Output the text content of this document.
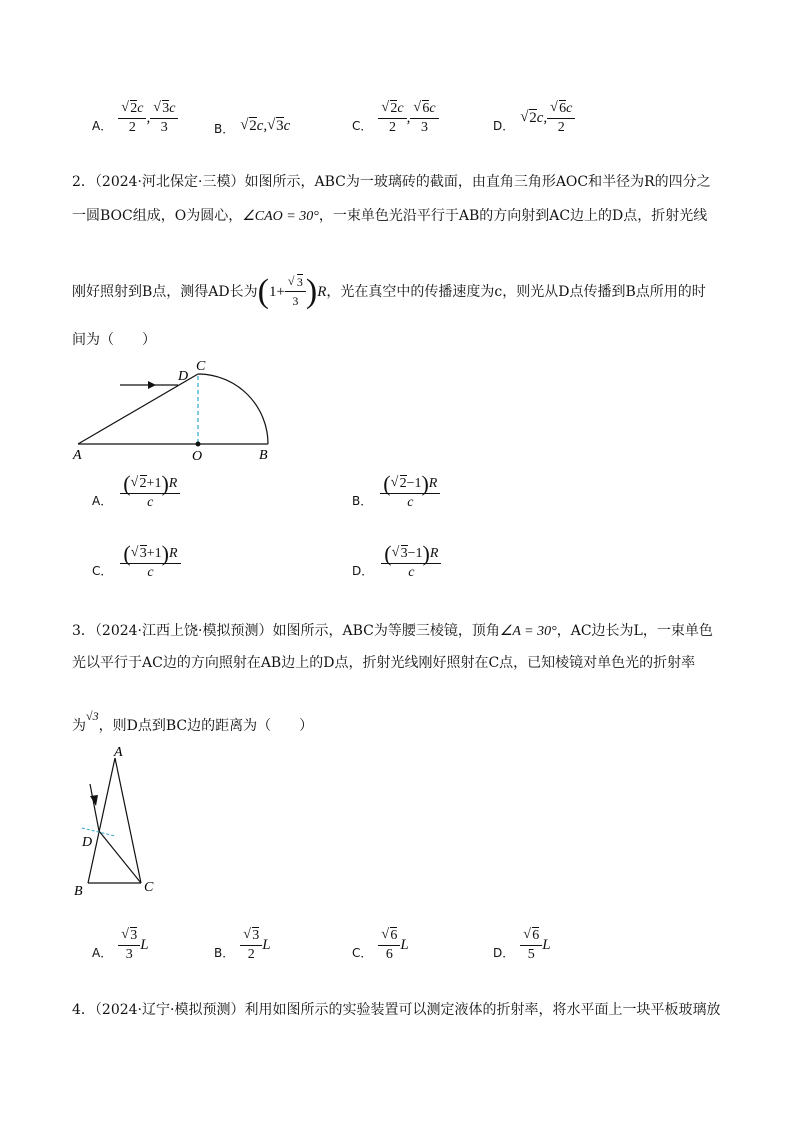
A． √ $\frac{2c}{2}$ , √ $\frac{3c}{3}$	B．	√ 2c, √ 3c	C． √ $\frac{2c}{2}$ , √ $\frac{6c}{3}$	D．	√ 2c, √ $\frac{6c}{2}$
2．（2024·河北保定·三模）如图所示，ABC为一玻璃砖的截面，由直角三角形AOC和半径为R的四分之
一圆BOC组成，O为圆心，∠CAO = 30°，一束单色光沿平行于AB的方向射到AC边上的D点，折射光线
刚好照射到B点，测得AD长为 ( 1+ √ $\frac{3}{3}$ ) R ，光在真空中的传播速度为c，则光从D点传播到B点所用的时
间为（　　）
D
C
A	O	B
A． $\frac{( √ 2+1)R}{c}$	B． $\frac{( √ 2-1)R}{c}$
C． $\frac{( √ 3+1)R}{c}$	D． $\frac{( √ 3-1)R}{c}$
3．（2024·江西上饶·模拟预测）如图所示，ABC为等腰三棱镜，顶角∠A = 30°，AC边长为L，一束单色
光以平行于AC边的方向照射在AB边上的D点，折射光线刚好照射在C点，已知棱镜对单色光的折射率
为√3，则D点到BC边的距离为（　　）
A
D
B	C
A． √ $\frac{3}{3}$ L	B． √ $\frac{3}{2}$ L	C． √ $\frac{6}{6}$ L	D． √ $\frac{6}{5}$ L
4．（2024·辽宁·模拟预测）利用如图所示的实验装置可以测定液体的折射率，将水平面上一块平板玻璃放
